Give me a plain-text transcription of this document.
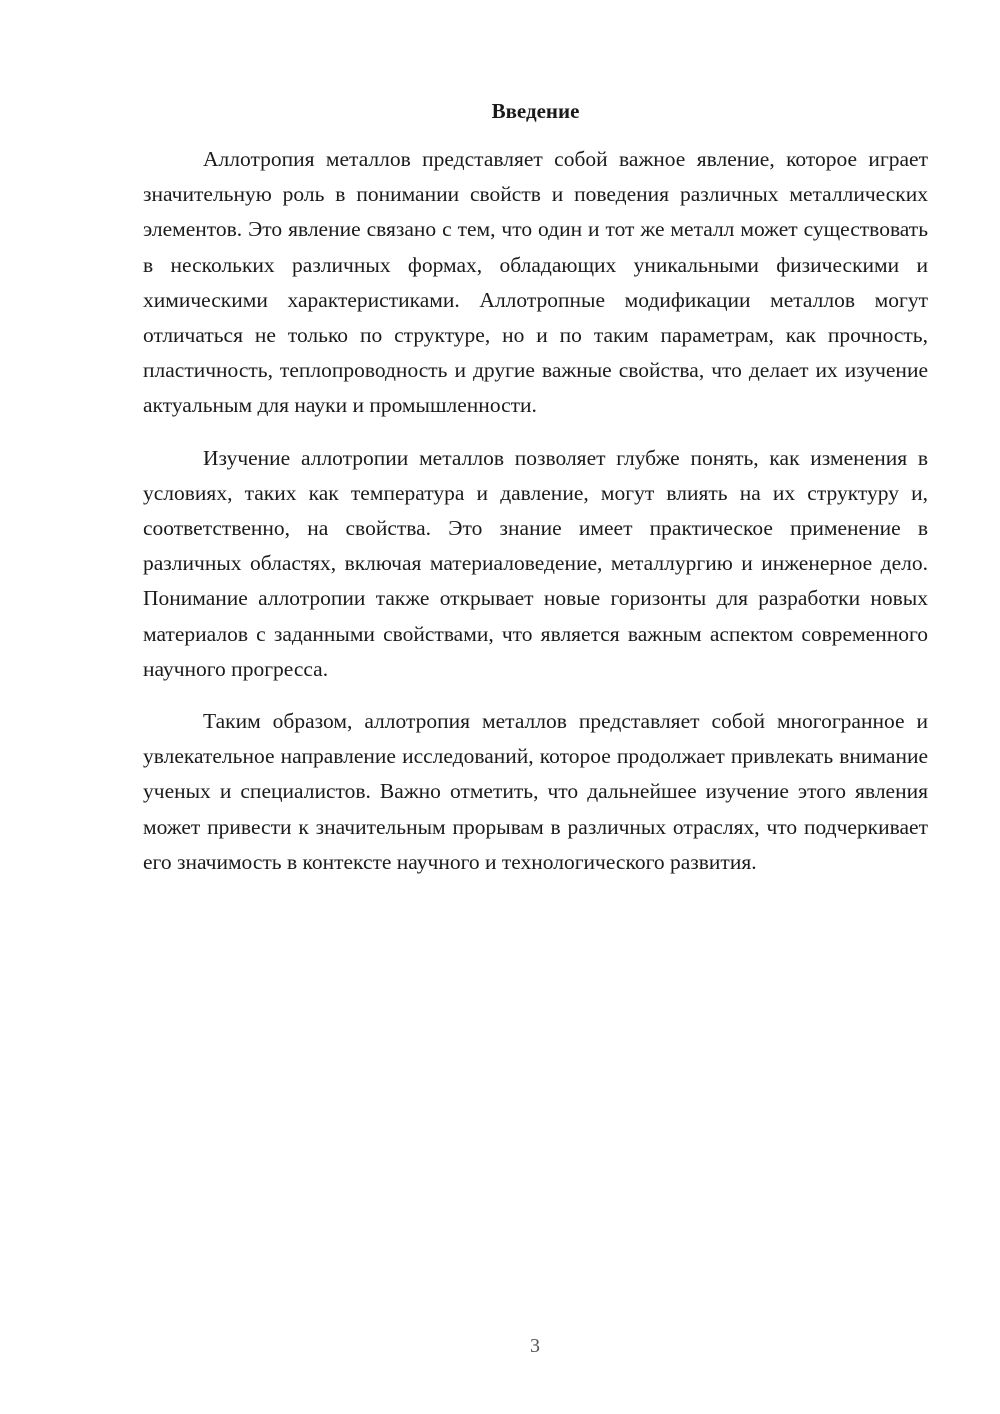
Введение

Аллотропия металлов представляет собой важное явление, которое играет значительную роль в понимании свойств и поведения различных металлических элементов. Это явление связано с тем, что один и тот же металл может существовать в нескольких различных формах, обладающих уникальными физическими и химическими характеристиками. Аллотропные модификации металлов могут отличаться не только по структуре, но и по таким параметрам, как прочность, пластичность, теплопроводность и другие важные свойства, что делает их изучение актуальным для науки и промышленности.

Изучение аллотропии металлов позволяет глубже понять, как изменения в условиях, таких как температура и давление, могут влиять на их структуру и, соответственно, на свойства. Это знание имеет практическое применение в различных областях, включая материаловедение, металлургию и инженерное дело. Понимание аллотропии также открывает новые горизонты для разработки новых материалов с заданными свойствами, что является важным аспектом современного научного прогресса.

Таким образом, аллотропия металлов представляет собой многогранное и увлекательное направление исследований, которое продолжает привлекать внимание ученых и специалистов. Важно отметить, что дальнейшее изучение этого явления может привести к значительным прорывам в различных отраслях, что подчеркивает его значимость в контексте научного и технологического развития.

3
